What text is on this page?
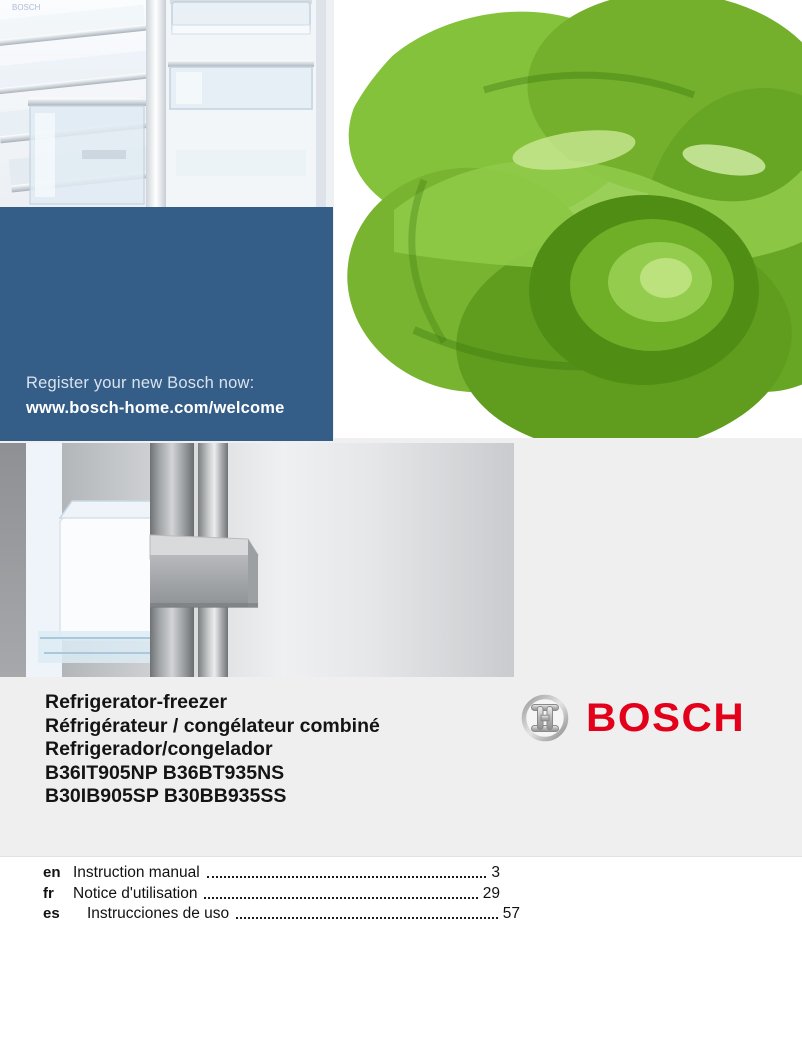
BOSCH
Register your new Bosch now:
www.bosch-home.com/welcome
Refrigerator-freezer
Réfrigérateur / congélateur combiné
Refrigerador/congelador
B36IT905NP B36BT935NS
B30IB905SP B30BB935SS
BOSCH
en Instruction manual	3
fr	Notice d'utilisation	29
es Instrucciones de uso	57
